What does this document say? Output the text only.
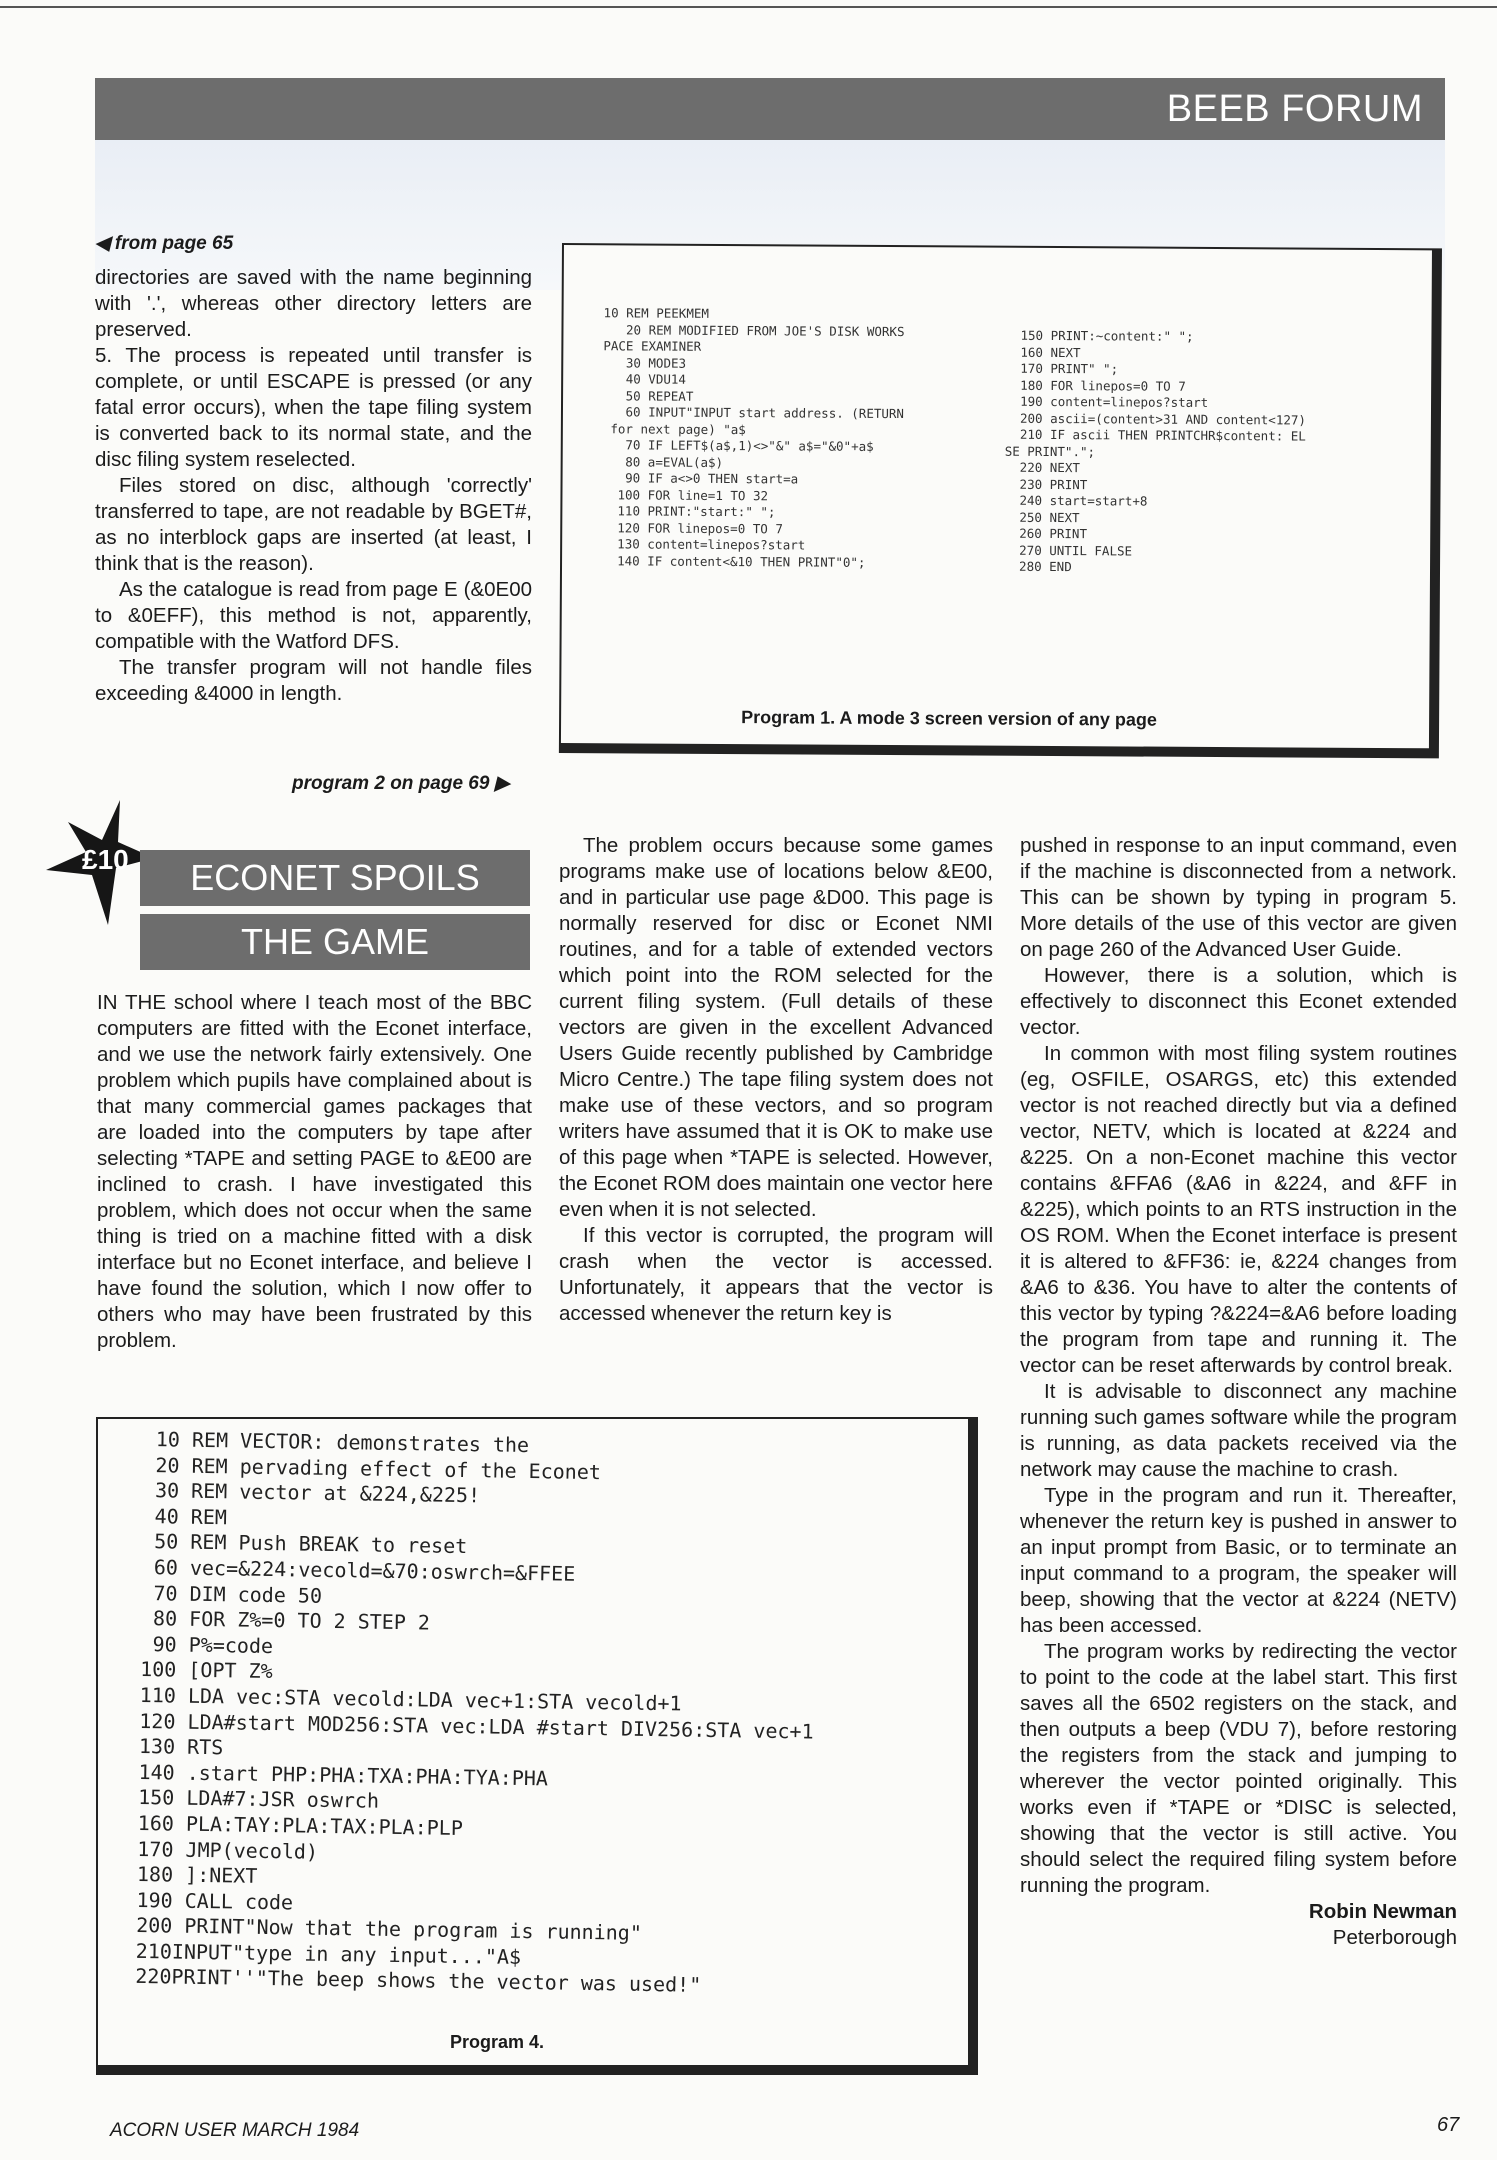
BEEB FORUM
◀ from page 65

directories are saved with the name beginning with '.', whereas other directory letters are preserved.

5. The process is repeated until transfer is complete, or until ESCAPE is pressed (or any fatal error occurs), when the tape filing system is converted back to its normal state, and the disc filing system reselected.

Files stored on disc, although 'correctly' transferred to tape, are not readable by BGET#, as no interblock gaps are inserted (at least, I think that is the reason).

As the catalogue is read from page E (&0E00 to &0EFF), this method is not, apparently, compatible with the Watford DFS.

The transfer program will not handle files exceeding &4000 in length.

program 2 on page 69 ▶
10 REM PEEKMEM
20 REM MODIFIED FROM JOE'S DISK WORKS
PACE EXAMINER
30 MODE3
40 VDU14
50 REPEAT
60 INPUT"INPUT start address. (RETURN
for next page) "a$
70 IF LEFT$(a$,1)<>"&" a$="&0"+a$
80 a=EVAL(a$)
90 IF a<>0 THEN start=a
100 FOR line=1 TO 32
110 PRINT:"start:" ";
120 FOR linepos=0 TO 7
130 content=linepos?start
140 IF content<&10 THEN PRINT"0";
150 PRINT:~content:" ";
160 NEXT
170 PRINT" ";
180 FOR linepos=0 TO 7
190 content=linepos?start
200 ascii=(content>31 AND content<127)
210 IF ascii THEN PRINTCHR$content: EL
SE PRINT".";
220 NEXT
230 PRINT
240 start=start+8
250 NEXT
260 PRINT
270 UNTIL FALSE
280 END
Program 1. A mode 3 screen version of any page
£10	ECONET SPOILS
THE GAME

IN THE school where I teach most of the BBC computers are fitted with the Econet interface, and we use the network fairly extensively. One problem which pupils have complained about is that many commercial games packages that are loaded into the computers by tape after selecting *TAPE and setting PAGE to &E00 are inclined to crash. I have investigated this problem, which does not occur when the same thing is tried on a machine fitted with a disk interface but no Econet interface, and believe I have found the solution, which I now offer to others who may have been frustrated by this problem.

The problem occurs because some games programs make use of locations below &E00, and in particular use page &D00. This page is normally reserved for disc or Econet NMI routines, and for a table of extended vectors which point into the ROM selected for the current filing system. (Full details of these vectors are given in the excellent Advanced Users Guide recently published by Cambridge Micro Centre.) The tape filing system does not make use of these vectors, and so program writers have assumed that it is OK to make use of this page when *TAPE is selected. However, the Econet ROM does maintain one vector here even when it is not selected.

If this vector is corrupted, the program will crash when the vector is accessed. Unfortunately, it appears that the vector is accessed whenever the return key is

pushed in response to an input command, even if the machine is disconnected from a network. This can be shown by typing in program 5. More details of the use of this vector are given on page 260 of the Advanced User Guide.

However, there is a solution, which is effectively to disconnect this Econet extended vector.

In common with most filing system routines (eg, OSFILE, OSARGS, etc) this extended vector is not reached directly but via a defined vector, NETV, which is located at &224 and &225. On a non-Econet machine this vector contains &FFA6 (&A6 in &224, and &FF in &225), which points to an RTS instruction in the OS ROM. When the Econet interface is present it is altered to &FF36: ie, &224 changes from &A6 to &36. You have to alter the contents of this vector by typing ?&224=&A6 before loading the program from tape and running it. The vector can be reset afterwards by control break.

It is advisable to disconnect any machine running such games software while the program is running, as data packets received via the network may cause the machine to crash.

Type in the program and run it. Thereafter, whenever the return key is pushed in answer to an input prompt from Basic, or to terminate an input command to a program, the speaker will beep, showing that the vector at &224 (NETV) has been accessed.

The program works by redirecting the vector to point to the code at the label start. This first saves all the 6502 registers on the stack, and then outputs a beep (VDU 7), before restoring the registers from the stack and jumping to wherever the vector pointed originally. This works even if *TAPE or *DISC is selected, showing that the vector is still active. You should select the required filing system before running the program.

Robin Newman

Peterborough

10 REM VECTOR: demonstrates the
20 REM pervading effect of the Econet
30 REM vector at &224,&225!
40 REM
50 REM Push BREAK to reset
60 vec=&224:vecold=&70:oswrch=&FFEE
70 DIM code 50
80 FOR Z%=0 TO 2 STEP 2
90 P%=code
100 [OPT Z%
110 LDA vec:STA vecold:LDA vec+1:STA vecold+1
120 LDA#start MOD256:STA vec:LDA #start DIV256:STA vec+1
130 RTS
140 .start PHP:PHA:TXA:PHA:TYA:PHA
150 LDA#7:JSR oswrch
160 PLA:TAY:PLA:TAX:PLA:PLP
170 JMP(vecold)
180 ]:NEXT
190 CALL code
200 PRINT"Now that the program is running"
210INPUT"type in any input..."A$
220PRINT''"The beep shows the vector was used!"
Program 4.
ACORN USER MARCH 1984	67
